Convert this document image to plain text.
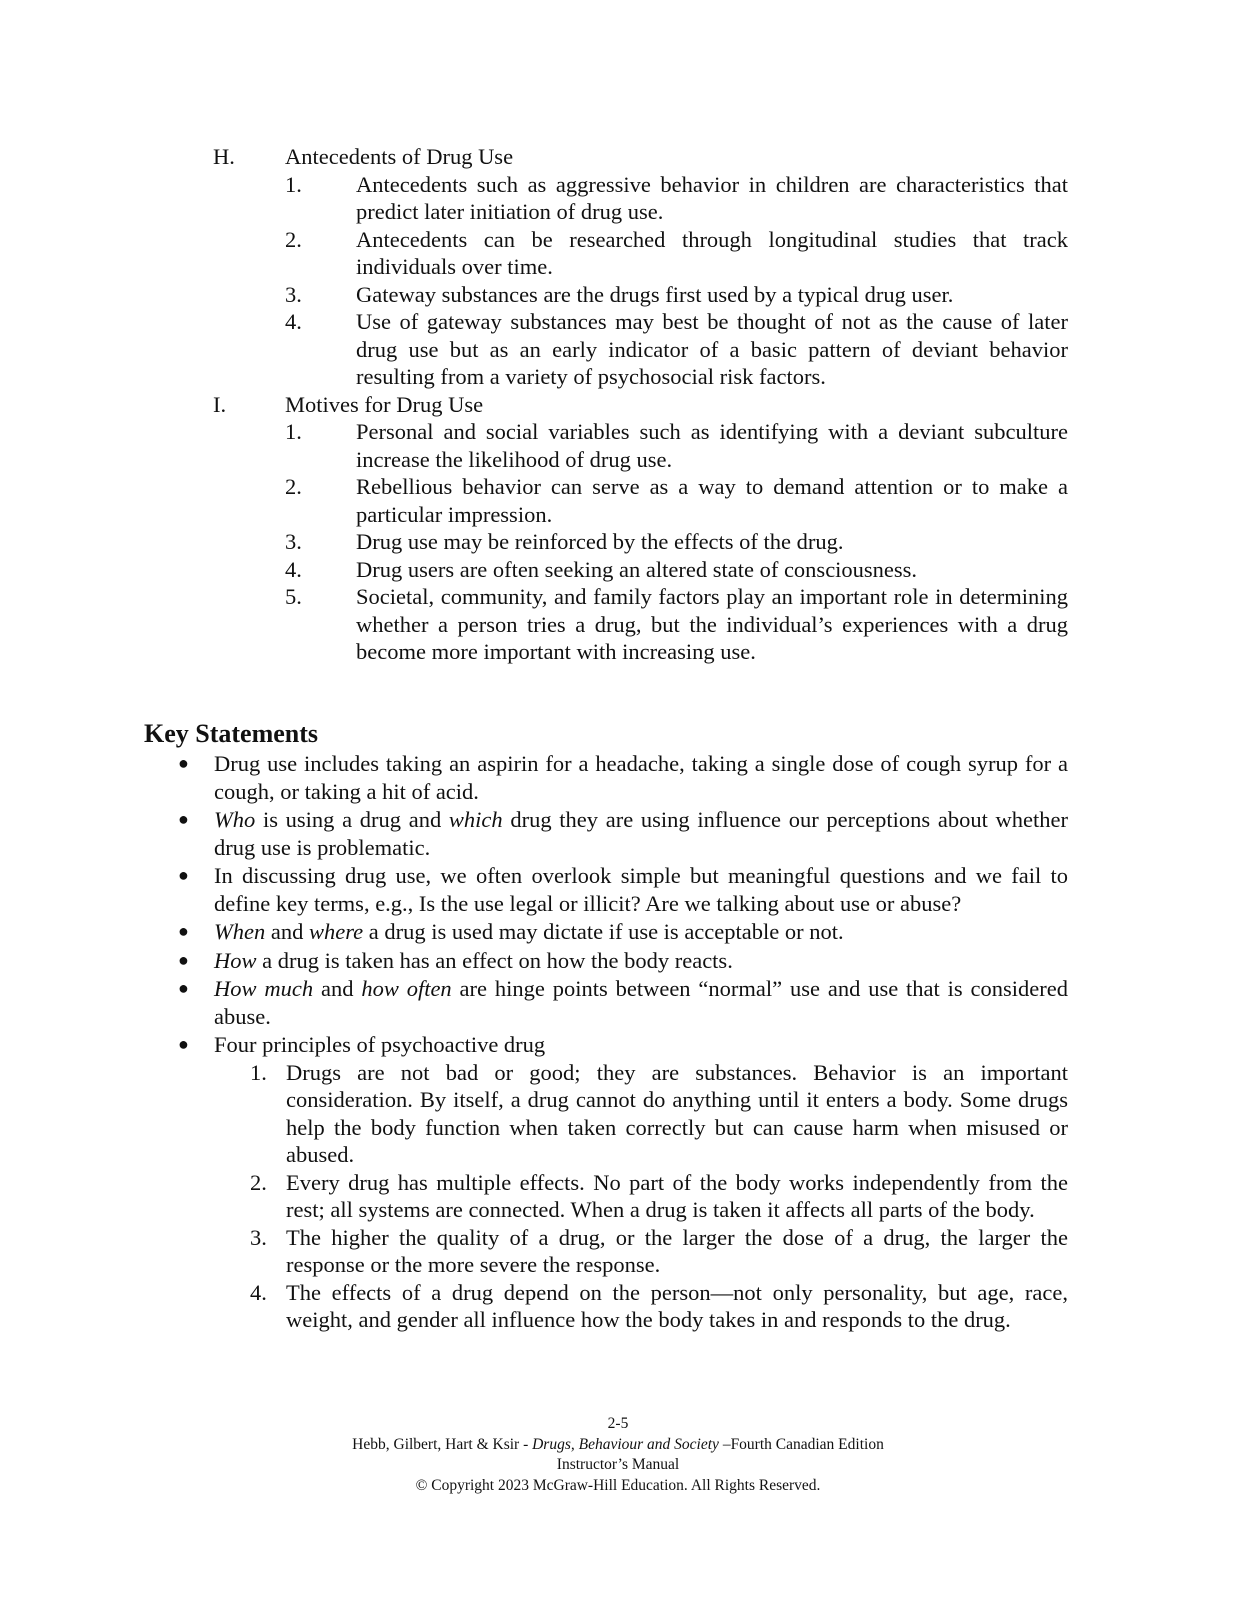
H. Antecedents of Drug Use
1. Antecedents such as aggressive behavior in children are characteristics that predict later initiation of drug use.
2. Antecedents can be researched through longitudinal studies that track individuals over time.
3. Gateway substances are the drugs first used by a typical drug user.
4. Use of gateway substances may best be thought of not as the cause of later drug use but as an early indicator of a basic pattern of deviant behavior resulting from a variety of psychosocial risk factors.
I.	Motives for Drug Use
1. Personal and social variables such as identifying with a deviant subculture increase the likelihood of drug use.
2. Rebellious behavior can serve as a way to demand attention or to make a particular impression.
3. Drug use may be reinforced by the effects of the drug.
4. Drug users are often seeking an altered state of consciousness.
5. Societal, community, and family factors play an important role in determining whether a person tries a drug, but the individual’s experiences with a drug become more important with increasing use.
Key Statements
● Drug use includes taking an aspirin for a headache, taking a single dose of cough syrup for a cough, or taking a hit of acid.
● Who is using a drug and which drug they are using influence our perceptions about whether drug use is problematic.
● In discussing drug use, we often overlook simple but meaningful questions and we fail to define key terms, e.g., Is the use legal or illicit? Are we talking about use or abuse?
● When and where a drug is used may dictate if use is acceptable or not.
● How a drug is taken has an effect on how the body reacts.
● How much and how often are hinge points between “normal” use and use that is considered abuse.
● Four principles of psychoactive drug
1. Drugs are not bad or good; they are substances. Behavior is an important consideration. By itself, a drug cannot do anything until it enters a body. Some drugs help the body function when taken correctly but can cause harm when misused or abused.
2. Every drug has multiple effects. No part of the body works independently from the rest; all systems are connected. When a drug is taken it affects all parts of the body.
3. The higher the quality of a drug, or the larger the dose of a drug, the larger the response or the more severe the response.
4. The effects of a drug depend on the person—not only personality, but age, race, weight, and gender all influence how the body takes in and responds to the drug.
2-5
Hebb, Gilbert, Hart & Ksir - Drugs, Behaviour and Society –Fourth Canadian Edition
Instructor’s Manual
© Copyright 2023 McGraw-Hill Education. All Rights Reserved.
